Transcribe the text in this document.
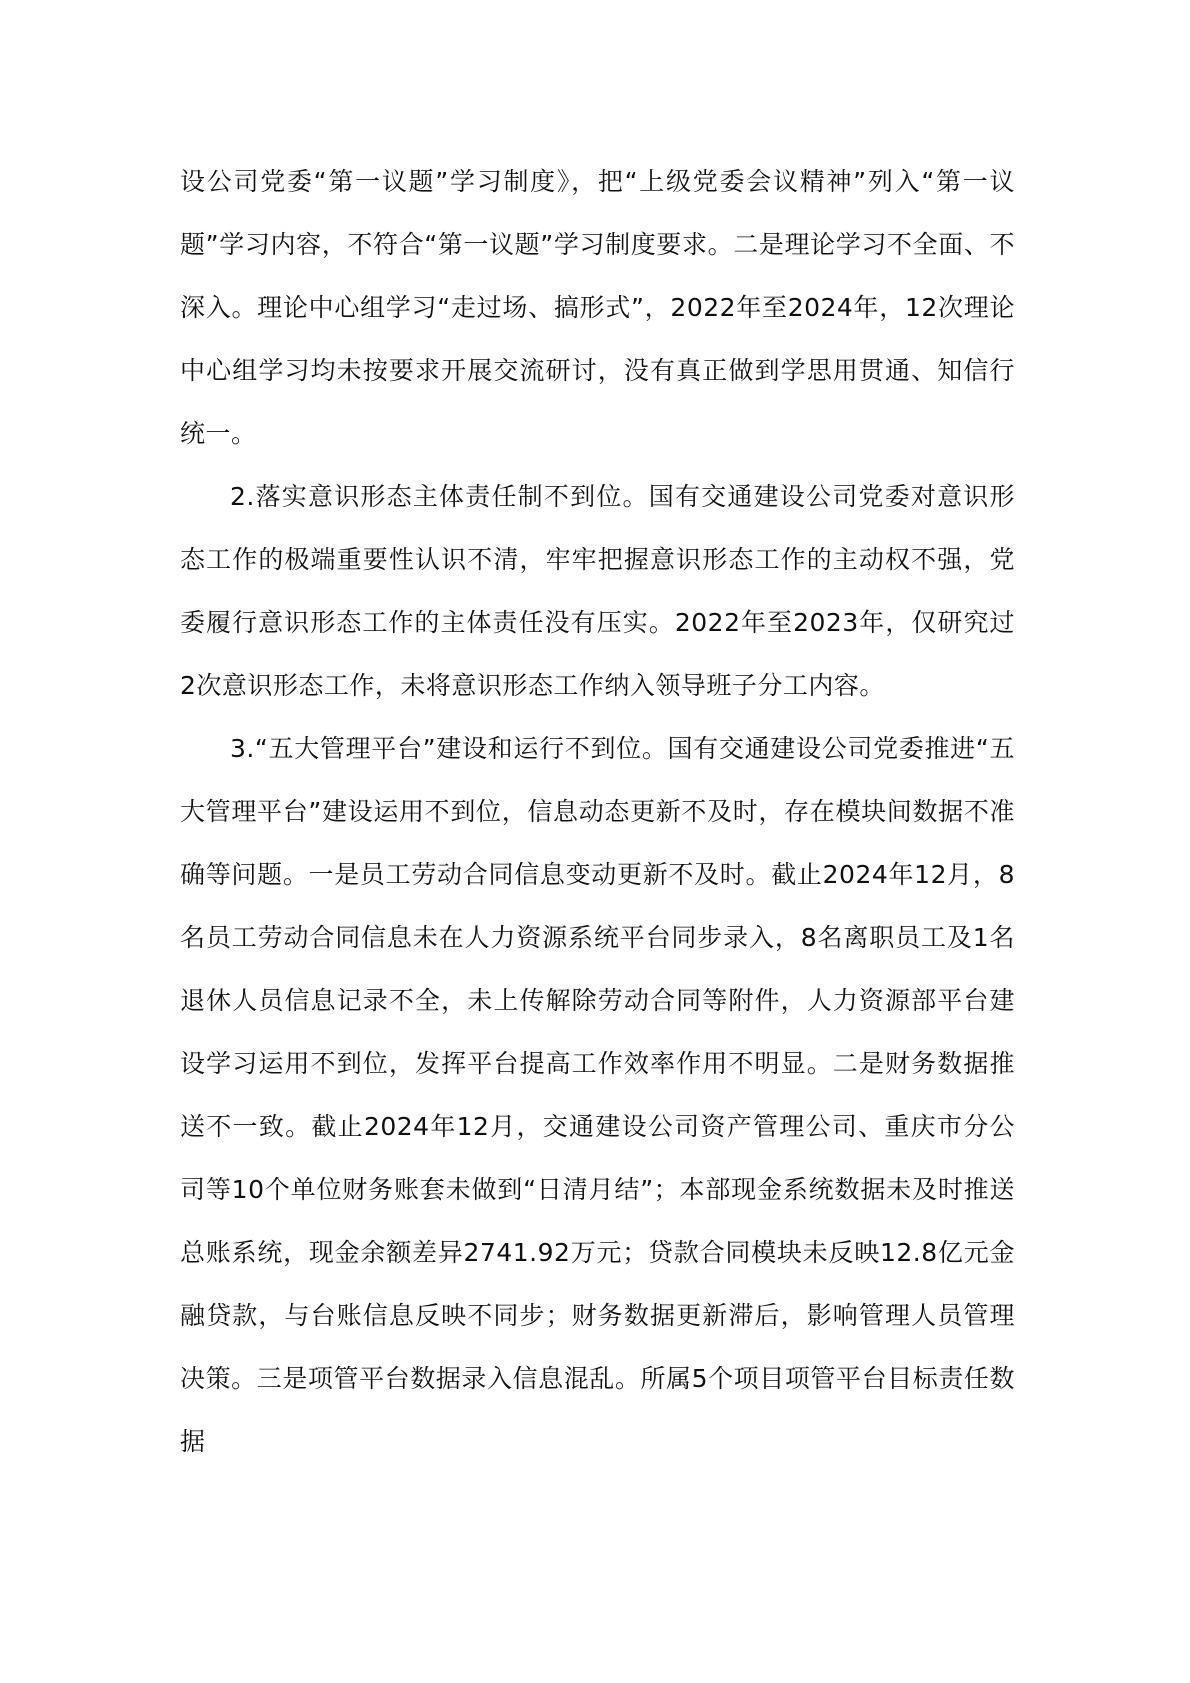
设公司党委“第一议题”学习制度》，把“上级党委会议精神”列入“第一议题”学习内容，不符合“第一议题”学习制度要求。二是理论学习不全面、不深入。理论中心组学习“走过场、搞形式”，2022年至2024年，12次理论中心组学习均未按要求开展交流研讨，没有真正做到学思用贯通、知信行统一。

2.落实意识形态主体责任制不到位。国有交通建设公司党委对意识形态工作的极端重要性认识不清，牢牢把握意识形态工作的主动权不强，党委履行意识形态工作的主体责任没有压实。2022年至2023年，仅研究过2次意识形态工作，未将意识形态工作纳入领导班子分工内容。

3.“五大管理平台”建设和运行不到位。国有交通建设公司党委推进“五大管理平台”建设运用不到位，信息动态更新不及时，存在模块间数据不准确等问题。一是员工劳动合同信息变动更新不及时。截止2024年12月，8名员工劳动合同信息未在人力资源系统平台同步录入，8名离职员工及1名退休人员信息记录不全，未上传解除劳动合同等附件，人力资源部平台建设学习运用不到位，发挥平台提高工作效率作用不明显。二是财务数据推送不一致。截止2024年12月，交通建设公司资产管理公司、重庆市分公司等10个单位财务账套未做到“日清月结”；本部现金系统数据未及时推送总账系统，现金余额差异2741.92万元；贷款合同模块未反映12.8亿元金融贷款，与台账信息反映不同步；财务数据更新滞后，影响管理人员管理决策。三是项管平台数据录入信息混乱。所属5个项目项管平台目标责任数据
